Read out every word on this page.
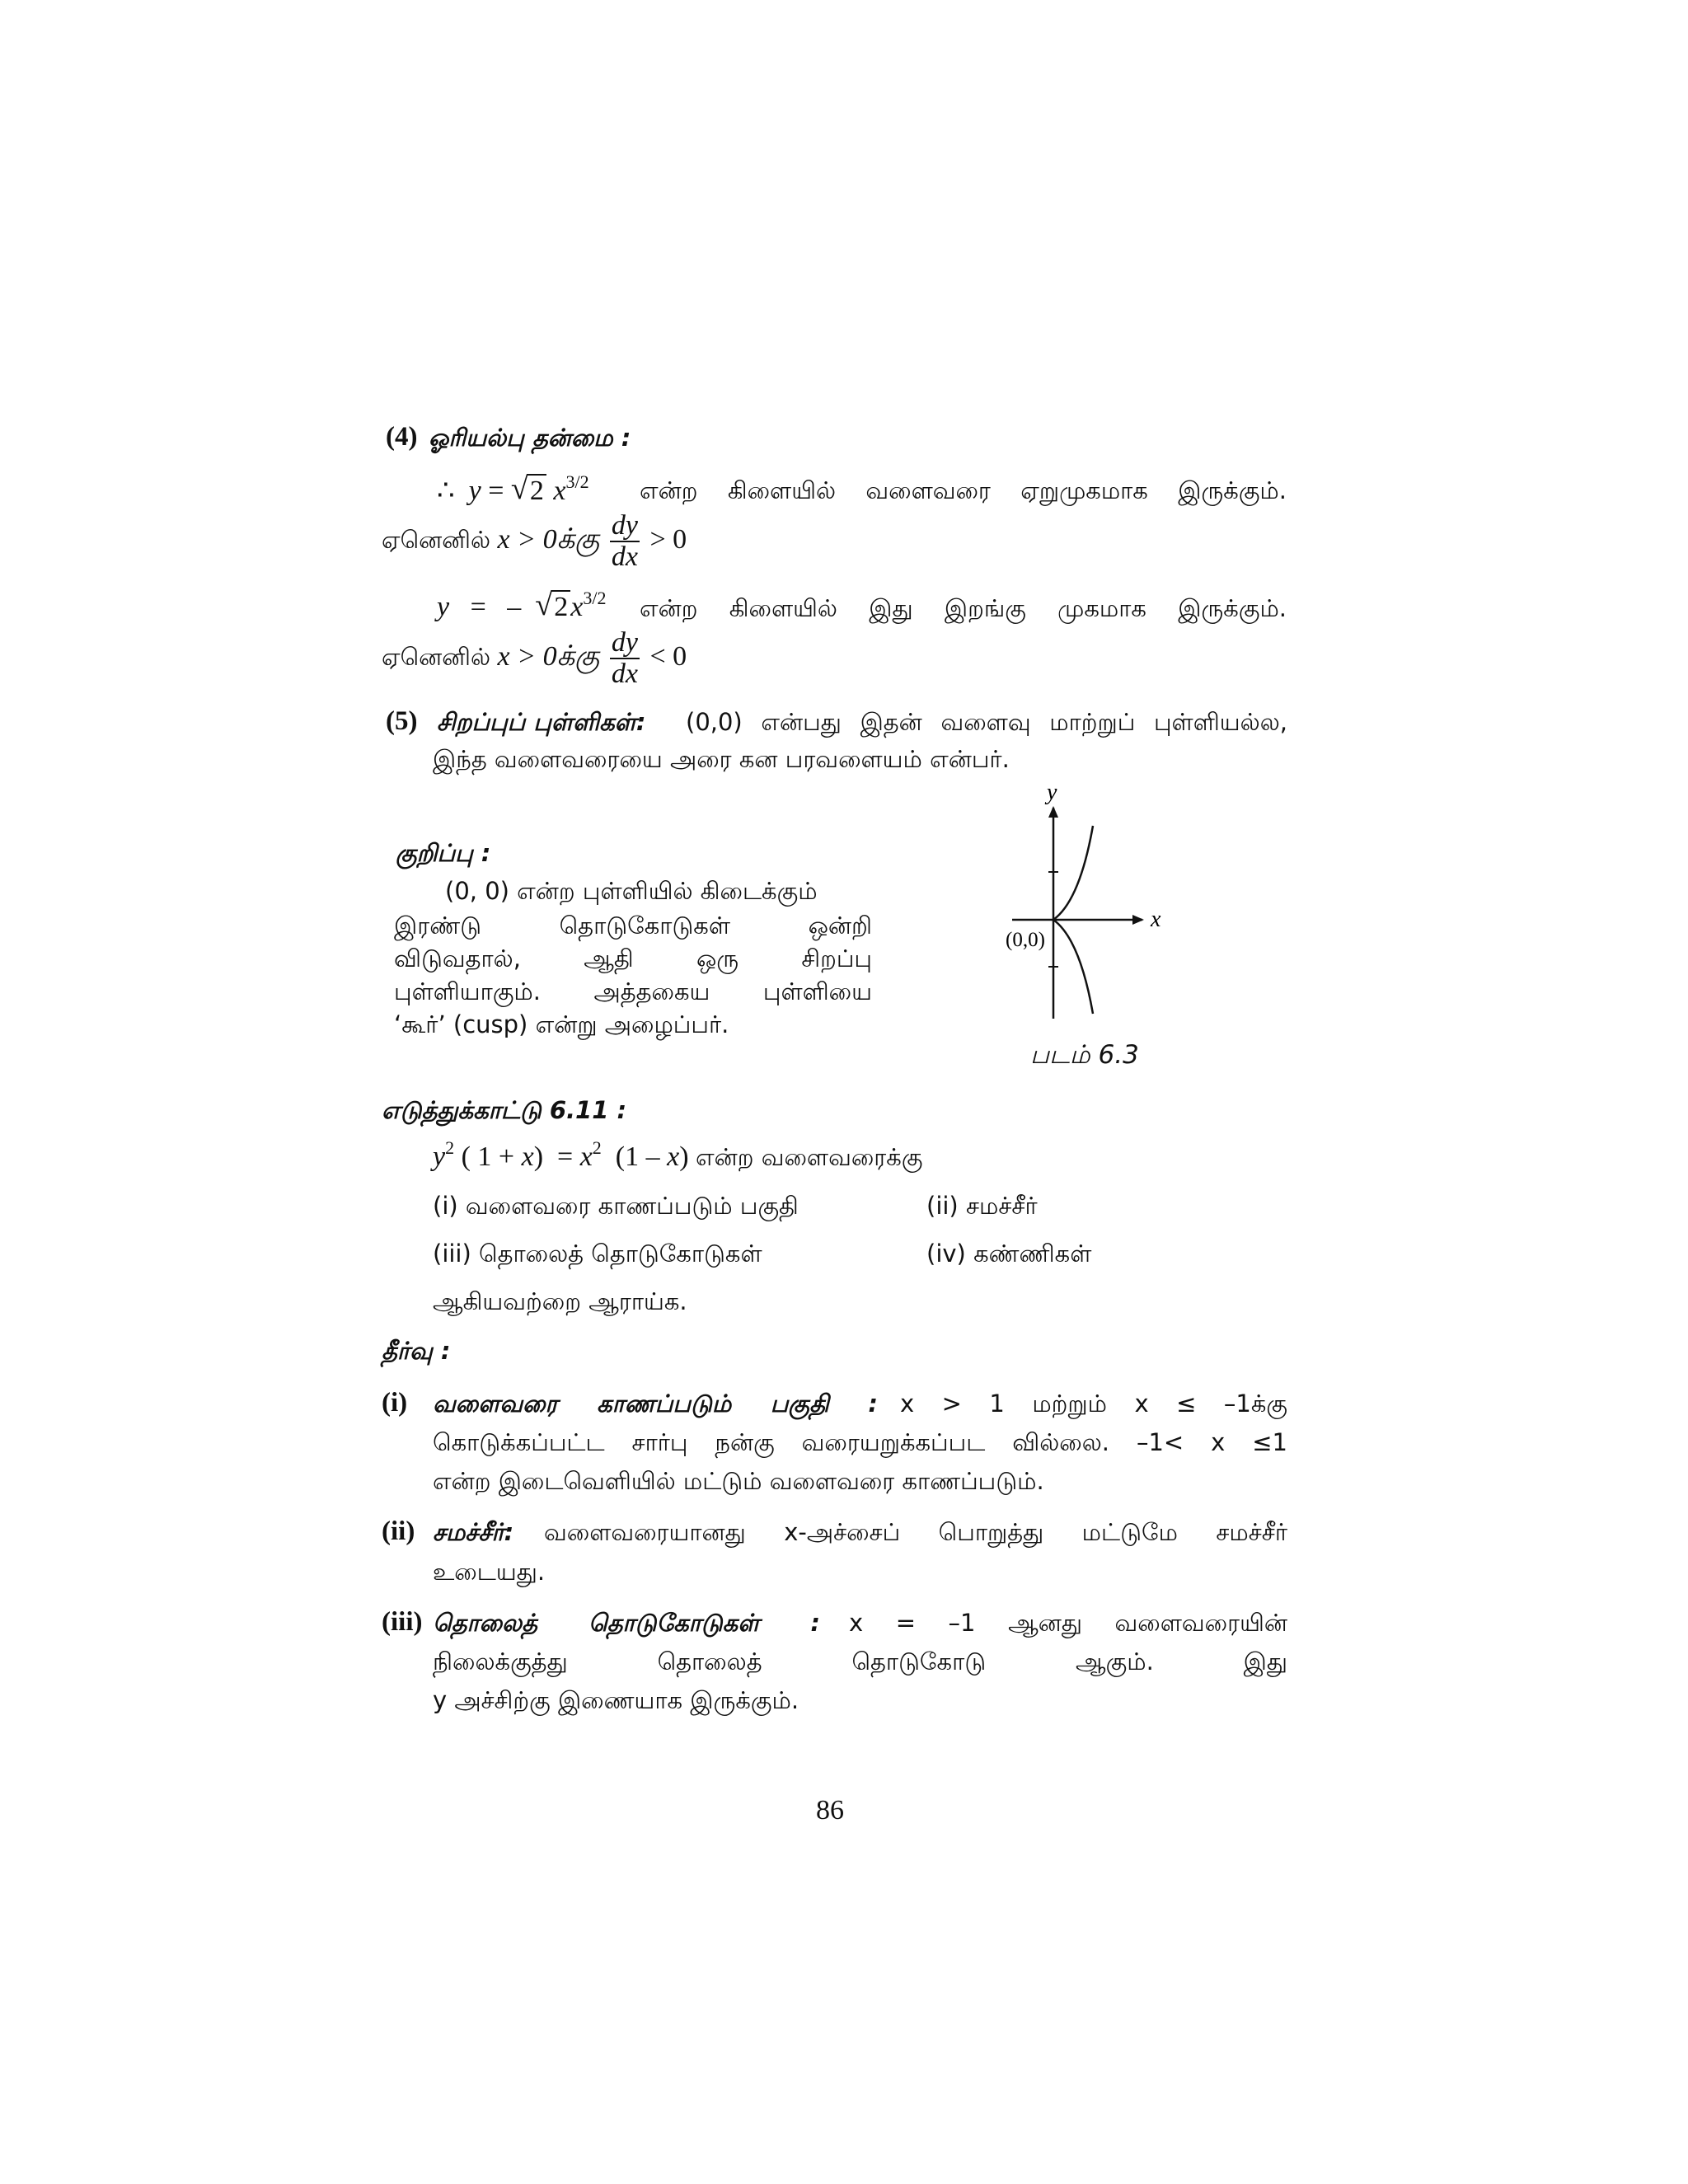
(4) ஓரியல்பு தன்மை :
∴ y = √ 2 $x^{3/2}$ என்ற கிளையில் வளைவரை ஏறுமுகமாக இருக்கும்.
ஏனெனில் x > 0க்கு $\frac{dy}{dx} > 0$
y = – √ $2x^{3/2}$ என்ற கிளையில் இது இறங்கு முகமாக இருக்கும்.
ஏனெனில் x > 0க்கு $\frac{dy}{dx} < 0$
(5) சிறப்புப் புள்ளிகள்: (0,0) என்பது இதன் வளைவு மாற்றுப் புள்ளியல்ல,
இந்த வளைவரையை அரை கன பரவளையம் என்பர்.
குறிப்பு :
(0, 0) என்ற புள்ளியில் கிடைக்கும்
இரண்டு தொடுகோடுகள் ஒன்றி
விடுவதால், ஆதி ஒரு சிறப்பு
புள்ளியாகும். அத்தகைய புள்ளியை
‘கூர்’ (cusp) என்று அழைப்பர்.
y
x
(0,0)
படம் 6.3
எடுத்துக்காட்டு 6.11 :
$y^2$ ( $1 + x) = x^2$  (1 – x) என்ற வளைவரைக்கு
(i) வளைவரை காணப்படும் பகுதி	(ii) சமச்சீர்
(iii) தொலைத் தொடுகோடுகள்	(iv) கண்ணிகள்
ஆகியவற்றை ஆராய்க.
தீர்வு :
(i) வளைவரை காணப்படும் பகுதி : x > 1 மற்றும் x ≤ –1க்கு
கொடுக்கப்பட்ட சார்பு நன்கு வரையறுக்கப்பட வில்லை. –1< x ≤1
என்ற இடைவெளியில் மட்டும் வளைவரை காணப்படும்.
(ii) சமச்சீர்: வளைவரையானது x-அச்சைப் பொறுத்து மட்டுமே சமச்சீர்
உடையது.
(iii) தொலைத் தொடுகோடுகள் : x = –1 ஆனது வளைவரையின்
நிலைக்குத்து தொலைத் தொடுகோடு ஆகும். இது
y அச்சிற்கு இணையாக இருக்கும்.
86
